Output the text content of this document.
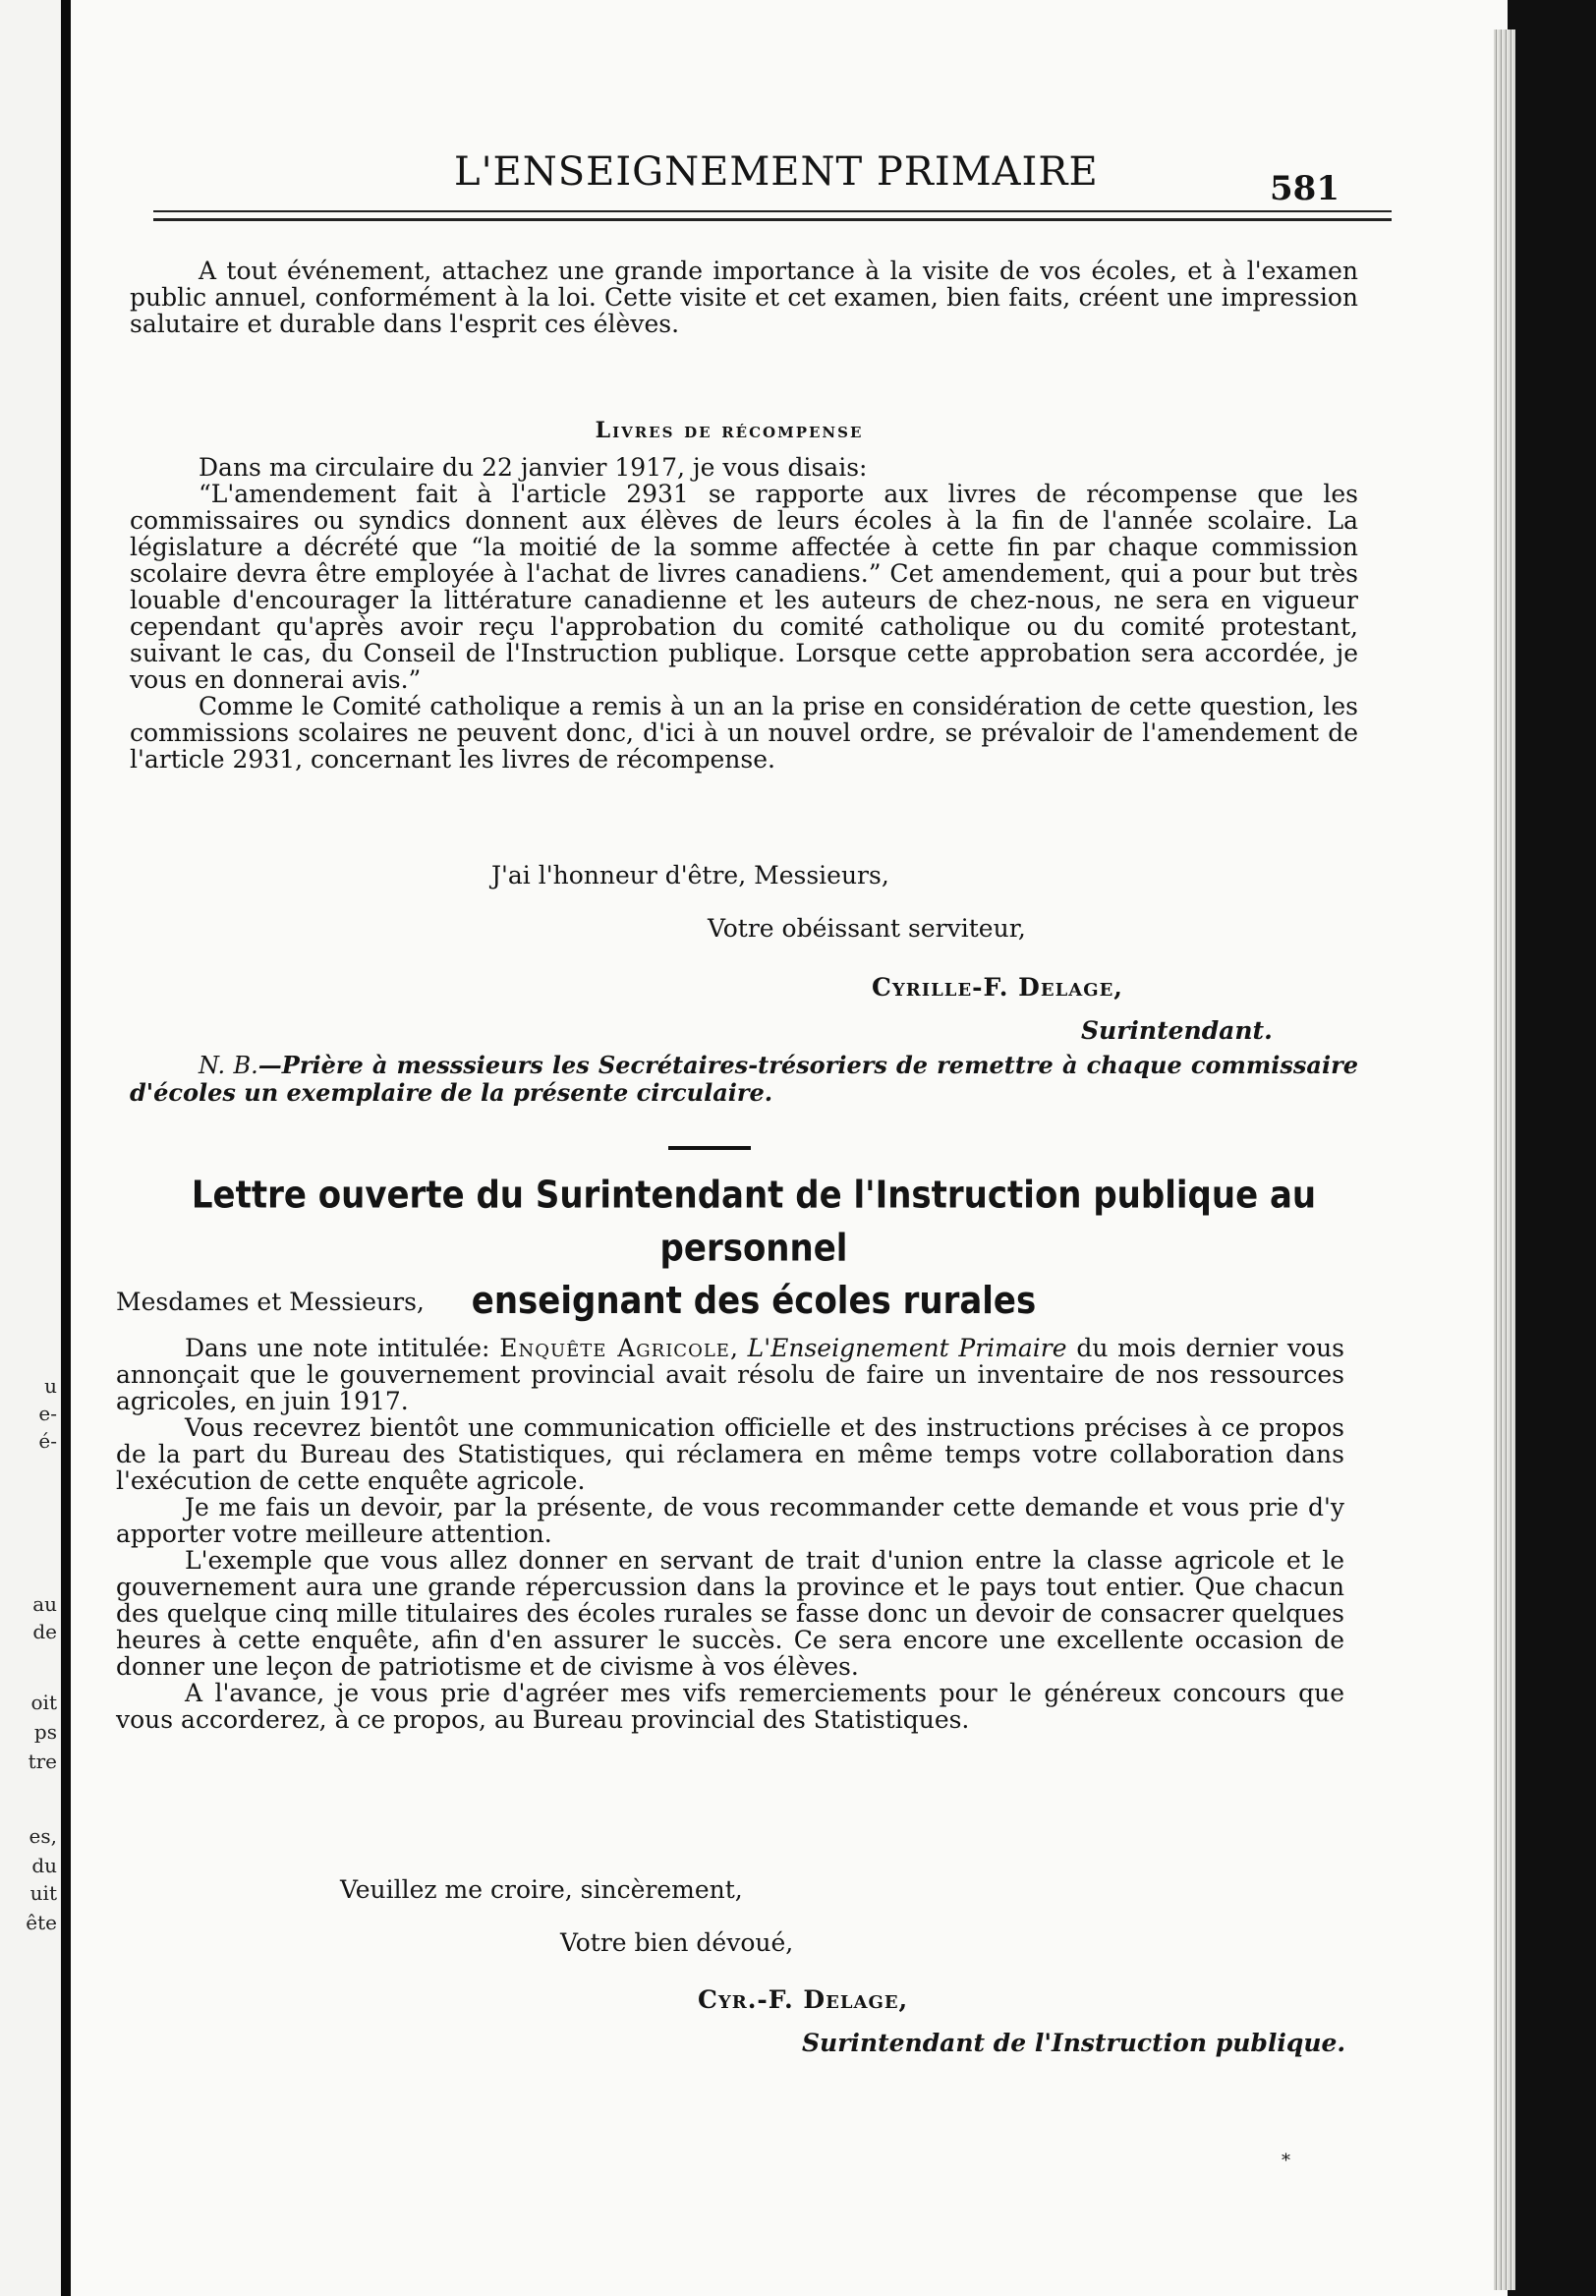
u
e-
é-
au
de
oit
ps
tre
es,
du
uit
ête
L'ENSEIGNEMENT PRIMAIRE	581

A tout événement, attachez une grande importance à la visite de vos écoles, et à l'examen public annuel, conformément à la loi. Cette visite et cet examen, bien faits, créent une impression salutaire et durable dans l'esprit ces élèves.

Livres de récompense

Dans ma circulaire du 22 janvier 1917, je vous disais:

“L'amendement fait à l'article 2931 se rapporte aux livres de récompense que les commissaires ou syndics donnent aux élèves de leurs écoles à la fin de l'année scolaire. La législature a décrété que “la moitié de la somme affectée à cette fin par chaque commission scolaire devra être employée à l'achat de livres canadiens.” Cet amendement, qui a pour but très louable d'encourager la littérature canadienne et les auteurs de chez-nous, ne sera en vigueur cependant qu'après avoir reçu l'approbation du comité catholique ou du comité protestant, suivant le cas, du Conseil de l'Instruction publique. Lorsque cette approbation sera accordée, je vous en donnerai avis.”

Comme le Comité catholique a remis à un an la prise en considération de cette question, les commissions scolaires ne peuvent donc, d'ici à un nouvel ordre, se prévaloir de l'amendement de l'article 2931, concernant les livres de récompense.

J'ai l'honneur d'être, Messieurs,
Votre obéissant serviteur,
Cyrille-F. Delage,
Surintendant.

N. B.—Prière à messsieurs les Secrétaires-trésoriers de remettre à chaque commissaire d'écoles un exemplaire de la présente circulaire.

Lettre ouverte du Surintendant de l'Instruction publique au personnel
enseignant des écoles rurales
Mesdames et Messieurs,

Dans une note intitulée: Enquête Agricole, L'Enseignement Primaire du mois dernier vous annonçait que le gouvernement provincial avait résolu de faire un inventaire de nos ressources agricoles, en juin 1917.

Vous recevrez bientôt une communication officielle et des instructions précises à ce propos de la part du Bureau des Statistiques, qui réclamera en même temps votre collaboration dans l'exécution de cette enquête agricole.

Je me fais un devoir, par la présente, de vous recommander cette demande et vous prie d'y apporter votre meilleure attention.

L'exemple que vous allez donner en servant de trait d'union entre la classe agricole et le gouvernement aura une grande répercussion dans la province et le pays tout entier. Que chacun des quelque cinq mille titulaires des écoles rurales se fasse donc un devoir de consacrer quelques heures à cette enquête, afin d'en assurer le succès. Ce sera encore une excellente occasion de donner une leçon de patriotisme et de civisme à vos élèves.

A l'avance, je vous prie d'agréer mes vifs remerciements pour le généreux concours que vous accorderez, à ce propos, au Bureau provincial des Statistiques.

Veuillez me croire, sincèrement,
Votre bien dévoué,
Cyr.-F. Delage,
Surintendant de l'Instruction publique.
*
